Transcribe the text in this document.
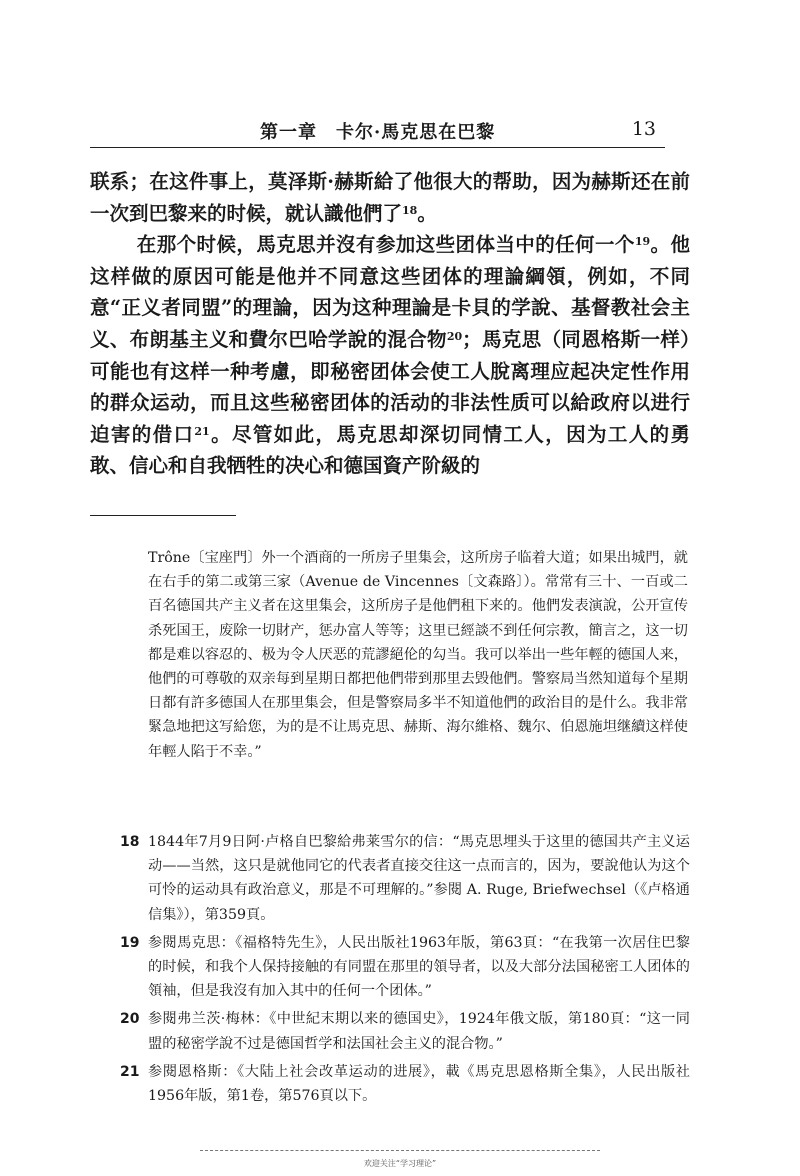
第一章　卡尔·馬克思在巴黎	13

联系；在这件事上，莫泽斯·赫斯給了他很大的帮助，因为赫斯还在前一次到巴黎来的时候，就认識他們了$^{18}$。

在那个时候，馬克思并沒有参加这些团体当中的任何一个$^{19}$。他这样做的原因可能是他并不同意这些团体的理論綱領，例如，不同意“正义者同盟”的理論，因为这种理論是卡貝的学說、基督教社会主义、布朗基主义和費尔巴哈学說的混合物$^{20}$；馬克思（同恩格斯一样）可能也有这样一种考慮，即秘密团体会使工人脫离理应起决定性作用的群众运动，而且这些秘密团体的活动的非法性质可以給政府以进行迫害的借口$^{21}$。尽管如此，馬克思却深切同情工人，因为工人的勇敢、信心和自我牺牲的决心和德国資产阶級的

Trône〔宝座門〕外一个酒商的一所房子里集会，这所房子临着大道；如果出城門，就在右手的第二或第三家（Avenue de Vincennes〔文森路〕）。常常有三十、一百或二百名德国共产主义者在这里集会，这所房子是他們租下来的。他們发表演說，公开宣传杀死国王，废除一切財产，惩办富人等等；这里已經談不到任何宗教，簡言之，这一切都是难以容忍的、极为令人厌恶的荒謬絕伦的勾当。我可以举出一些年輕的德国人来，他們的可尊敬的双亲每到星期日都把他們带到那里去毁他們。警察局当然知道每个星期日都有許多德国人在那里集会，但是警察局多半不知道他們的政治目的是什么。我非常緊急地把这写給您，为的是不让馬克思、赫斯、海尔維格、魏尔、伯恩施坦继續这样使年輕人陷于不幸。”
18 1844年7月9日阿·卢格自巴黎給弗莱雪尔的信：“馬克思埋头于这里的德国共产主义运动——当然，这只是就他同它的代表者直接交往这一点而言的，因为，要說他认为这个可怜的运动具有政治意义，那是不可理解的。”参閱 A. Ruge, Briefwechsel（《卢格通信集》），第359頁。
19 参閱馬克思：《福格特先生》，人民出版社1963年版，第63頁：“在我第一次居住巴黎的时候，和我个人保持接触的有同盟在那里的領导者，以及大部分法国秘密工人团体的領袖，但是我沒有加入其中的任何一个团体。”
20 参閱弗兰茨·梅林：《中世紀末期以来的德国史》，1924年俄文版，第180頁：“这一同盟的秘密学說不过是德国哲学和法国社会主义的混合物。”
21 参閱恩格斯：《大陆上社会改革运动的进展》，載《馬克思恩格斯全集》，人民出版社1956年版，第1卷，第576頁以下。
欢迎关注“学习理论”
